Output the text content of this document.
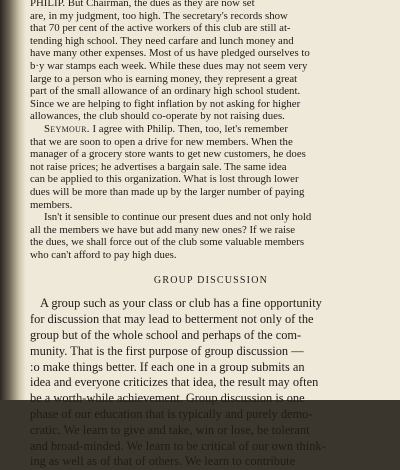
PHILIP. But Chairman, the dues as they are now set
are, in my judgment, too high. The secretary's records show
that 70 per cent of the active workers of this club are still at-
tending high school. They need carfare and lunch money and
have many other expenses. Most of us have pledged ourselves to
b·y war stamps each week. While these dues may not seem very
large to a person who is earning money, they represent a great
part of the small allowance of an ordinary high school student.
Since we are helping to fight inflation by not asking for higher
allowances, the club should co-operate by not raising dues.
Seymour. I agree with Philip. Then, too, let's remember
that we are soon to open a drive for new members. When the
manager of a grocery store wants to get new customers, he does
not raise prices; he advertises a bargain sale. The same idea
can be applied to this organization. What is lost through lower
dues will be more than made up by the larger number of paying
members.
Isn't it sensible to continue our present dues and not only hold
all the members we have but add many new ones? If we raise
the dues, we shall force out of the club some valuable members
who can't afford to pay high dues.
GROUP DISCUSSION
A group such as your class or club has a fine opportunity
for discussion that may lead to betterment not only of the
group but of the whole school and perhaps of the com-
munity. That is the first purpose of group discussion —
:o make things better. If each one in a group submits an
idea and everyone criticizes that idea, the result may often
be a worth-while achievement. Group discussion is one
phase of our education that is typically and purely demo-
cratic. We learn to give and take, win or lose, be tolerant
and broad-minded. We learn to be critical of our own think-
ing as well as of that of others. We learn to contribute
